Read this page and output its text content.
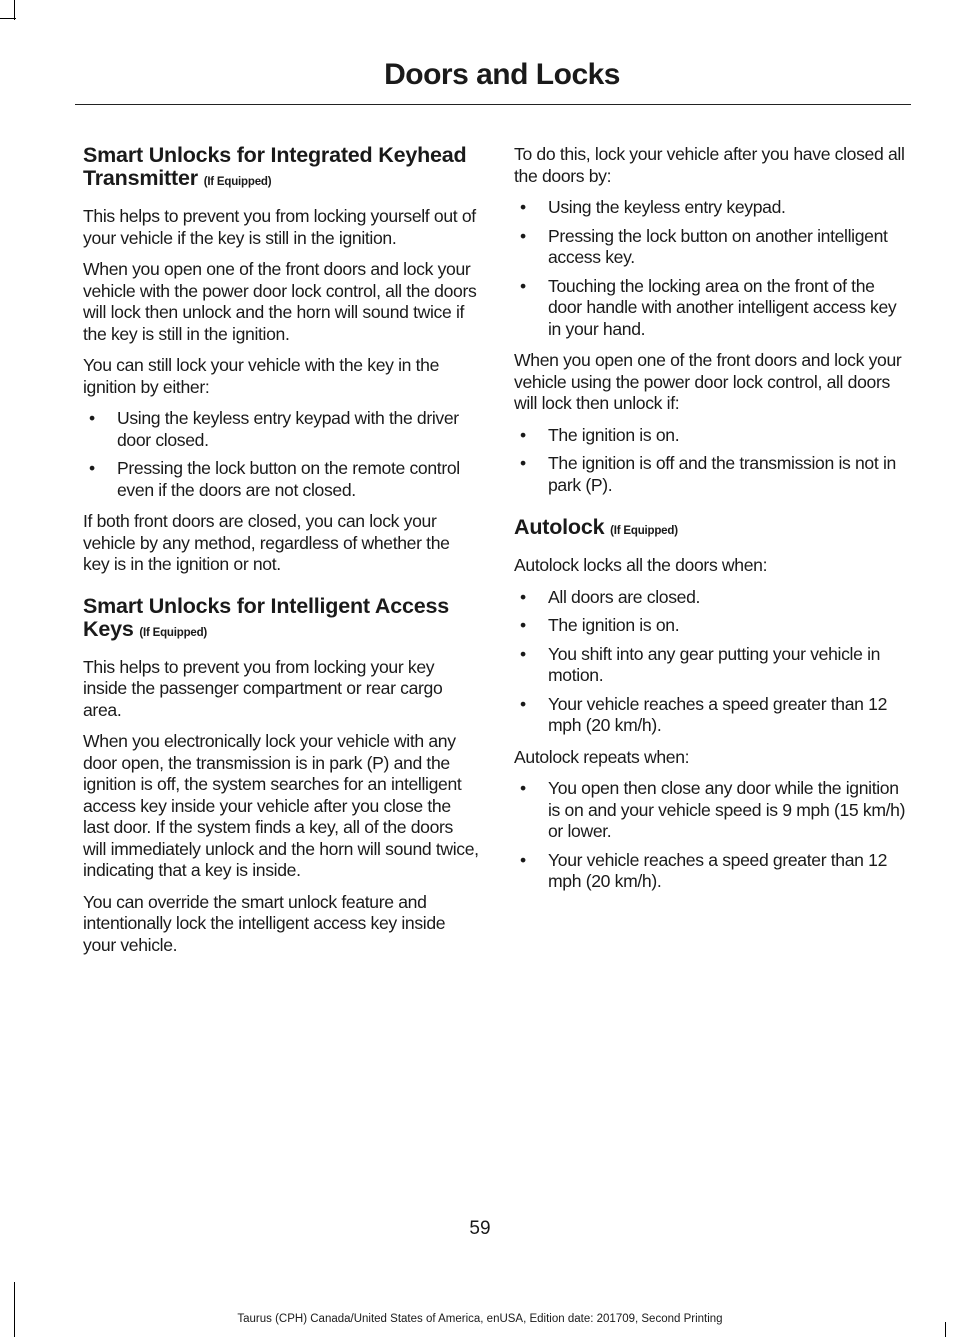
Doors and Locks
Smart Unlocks for Integrated Keyhead Transmitter (If Equipped)

This helps to prevent you from locking yourself out of your vehicle if the key is still in the ignition.

When you open one of the front doors and lock your vehicle with the power door lock control, all the doors will lock then unlock and the horn will sound twice if the key is still in the ignition.

You can still lock your vehicle with the key in the ignition by either:

• Using the keyless entry keypad with the driver door closed.
• Pressing the lock button on the remote control even if the doors are not closed.

If both front doors are closed, you can lock your vehicle by any method, regardless of whether the key is in the ignition or not.

Smart Unlocks for Intelligent Access Keys (If Equipped)

This helps to prevent you from locking your key inside the passenger compartment or rear cargo area.

When you electronically lock your vehicle with any door open, the transmission is in park (P) and the ignition is off, the system searches for an intelligent access key inside your vehicle after you close the last door. If the system finds a key, all of the doors will immediately unlock and the horn will sound twice, indicating that a key is inside.

You can override the smart unlock feature and intentionally lock the intelligent access key inside your vehicle.

To do this, lock your vehicle after you have closed all the doors by:

• Using the keyless entry keypad.
• Pressing the lock button on another intelligent access key.
• Touching the locking area on the front of the door handle with another intelligent access key in your hand.

When you open one of the front doors and lock your vehicle using the power door lock control, all doors will lock then unlock if:

• The ignition is on.
• The ignition is off and the transmission is not in park (P).
Autolock (If Equipped)

Autolock locks all the doors when:

• All doors are closed.
• The ignition is on.
• You shift into any gear putting your vehicle in motion.
• Your vehicle reaches a speed greater than 12 mph (20 km/h).

Autolock repeats when:

• You open then close any door while the ignition is on and your vehicle speed is 9 mph (15 km/h) or lower.
• Your vehicle reaches a speed greater than 12 mph (20 km/h).
59
Taurus (CPH) Canada/United States of America, enUSA, Edition date: 201709, Second Printing
